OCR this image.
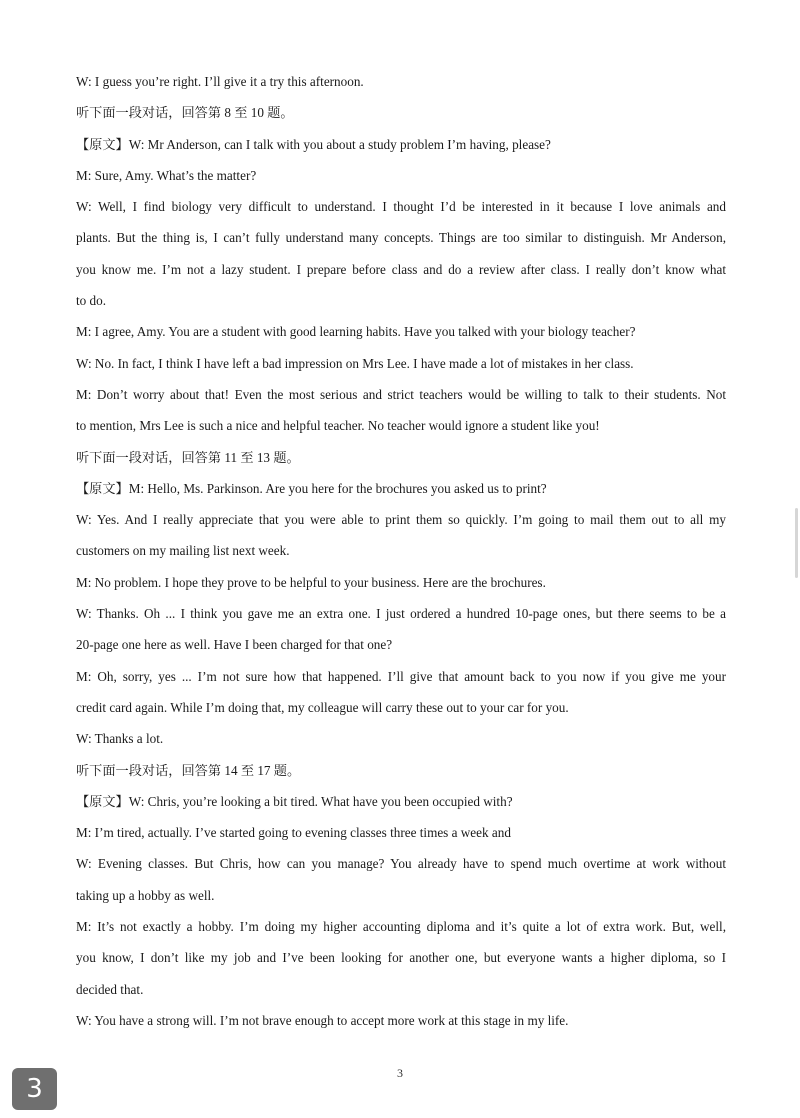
W: I guess you’re right. I’ll give it a try this afternoon.
听下面一段对话，回答第 8 至 10 题。
【原文】W: Mr Anderson, can I talk with you about a study problem I’m having, please?
M: Sure, Amy. What’s the matter?
W: Well, I find biology very difficult to understand. I thought I’d be interested in it because I love animals and
plants. But the thing is, I can’t fully understand many concepts. Things are too similar to distinguish. Mr Anderson,
you know me. I’m not a lazy student. I prepare before class and do a review after class. I really don’t know what
to do.
M: I agree, Amy. You are a student with good learning habits. Have you talked with your biology teacher?
W: No. In fact, I think I have left a bad impression on Mrs Lee. I have made a lot of mistakes in her class.
M: Don’t worry about that! Even the most serious and strict teachers would be willing to talk to their students. Not
to mention, Mrs Lee is such a nice and helpful teacher. No teacher would ignore a student like you!
听下面一段对话，回答第 11 至 13 题。
【原文】M: Hello, Ms. Parkinson. Are you here for the brochures you asked us to print?
W: Yes. And I really appreciate that you were able to print them so quickly. I’m going to mail them out to all my
customers on my mailing list next week.
M: No problem. I hope they prove to be helpful to your business. Here are the brochures.
W: Thanks. Oh ... I think you gave me an extra one. I just ordered a hundred 10-page ones, but there seems to be a
20-page one here as well. Have I been charged for that one?
M: Oh, sorry, yes ... I’m not sure how that happened. I’ll give that amount back to you now if you give me your
credit card again. While I’m doing that, my colleague will carry these out to your car for you.
W: Thanks a lot.
听下面一段对话，回答第 14 至 17 题。
【原文】W: Chris, you’re looking a bit tired. What have you been occupied with?
M: I’m tired, actually. I’ve started going to evening classes three times a week and
W: Evening classes. But Chris, how can you manage? You already have to spend much overtime at work without
taking up a hobby as well.
M: It’s not exactly a hobby. I’m doing my higher accounting diploma and it’s quite a lot of extra work. But, well,
you know, I don’t like my job and I’ve been looking for another one, but everyone wants a higher diploma, so I
decided that.
W: You have a strong will. I’m not brave enough to accept more work at this stage in my life.
3
3
